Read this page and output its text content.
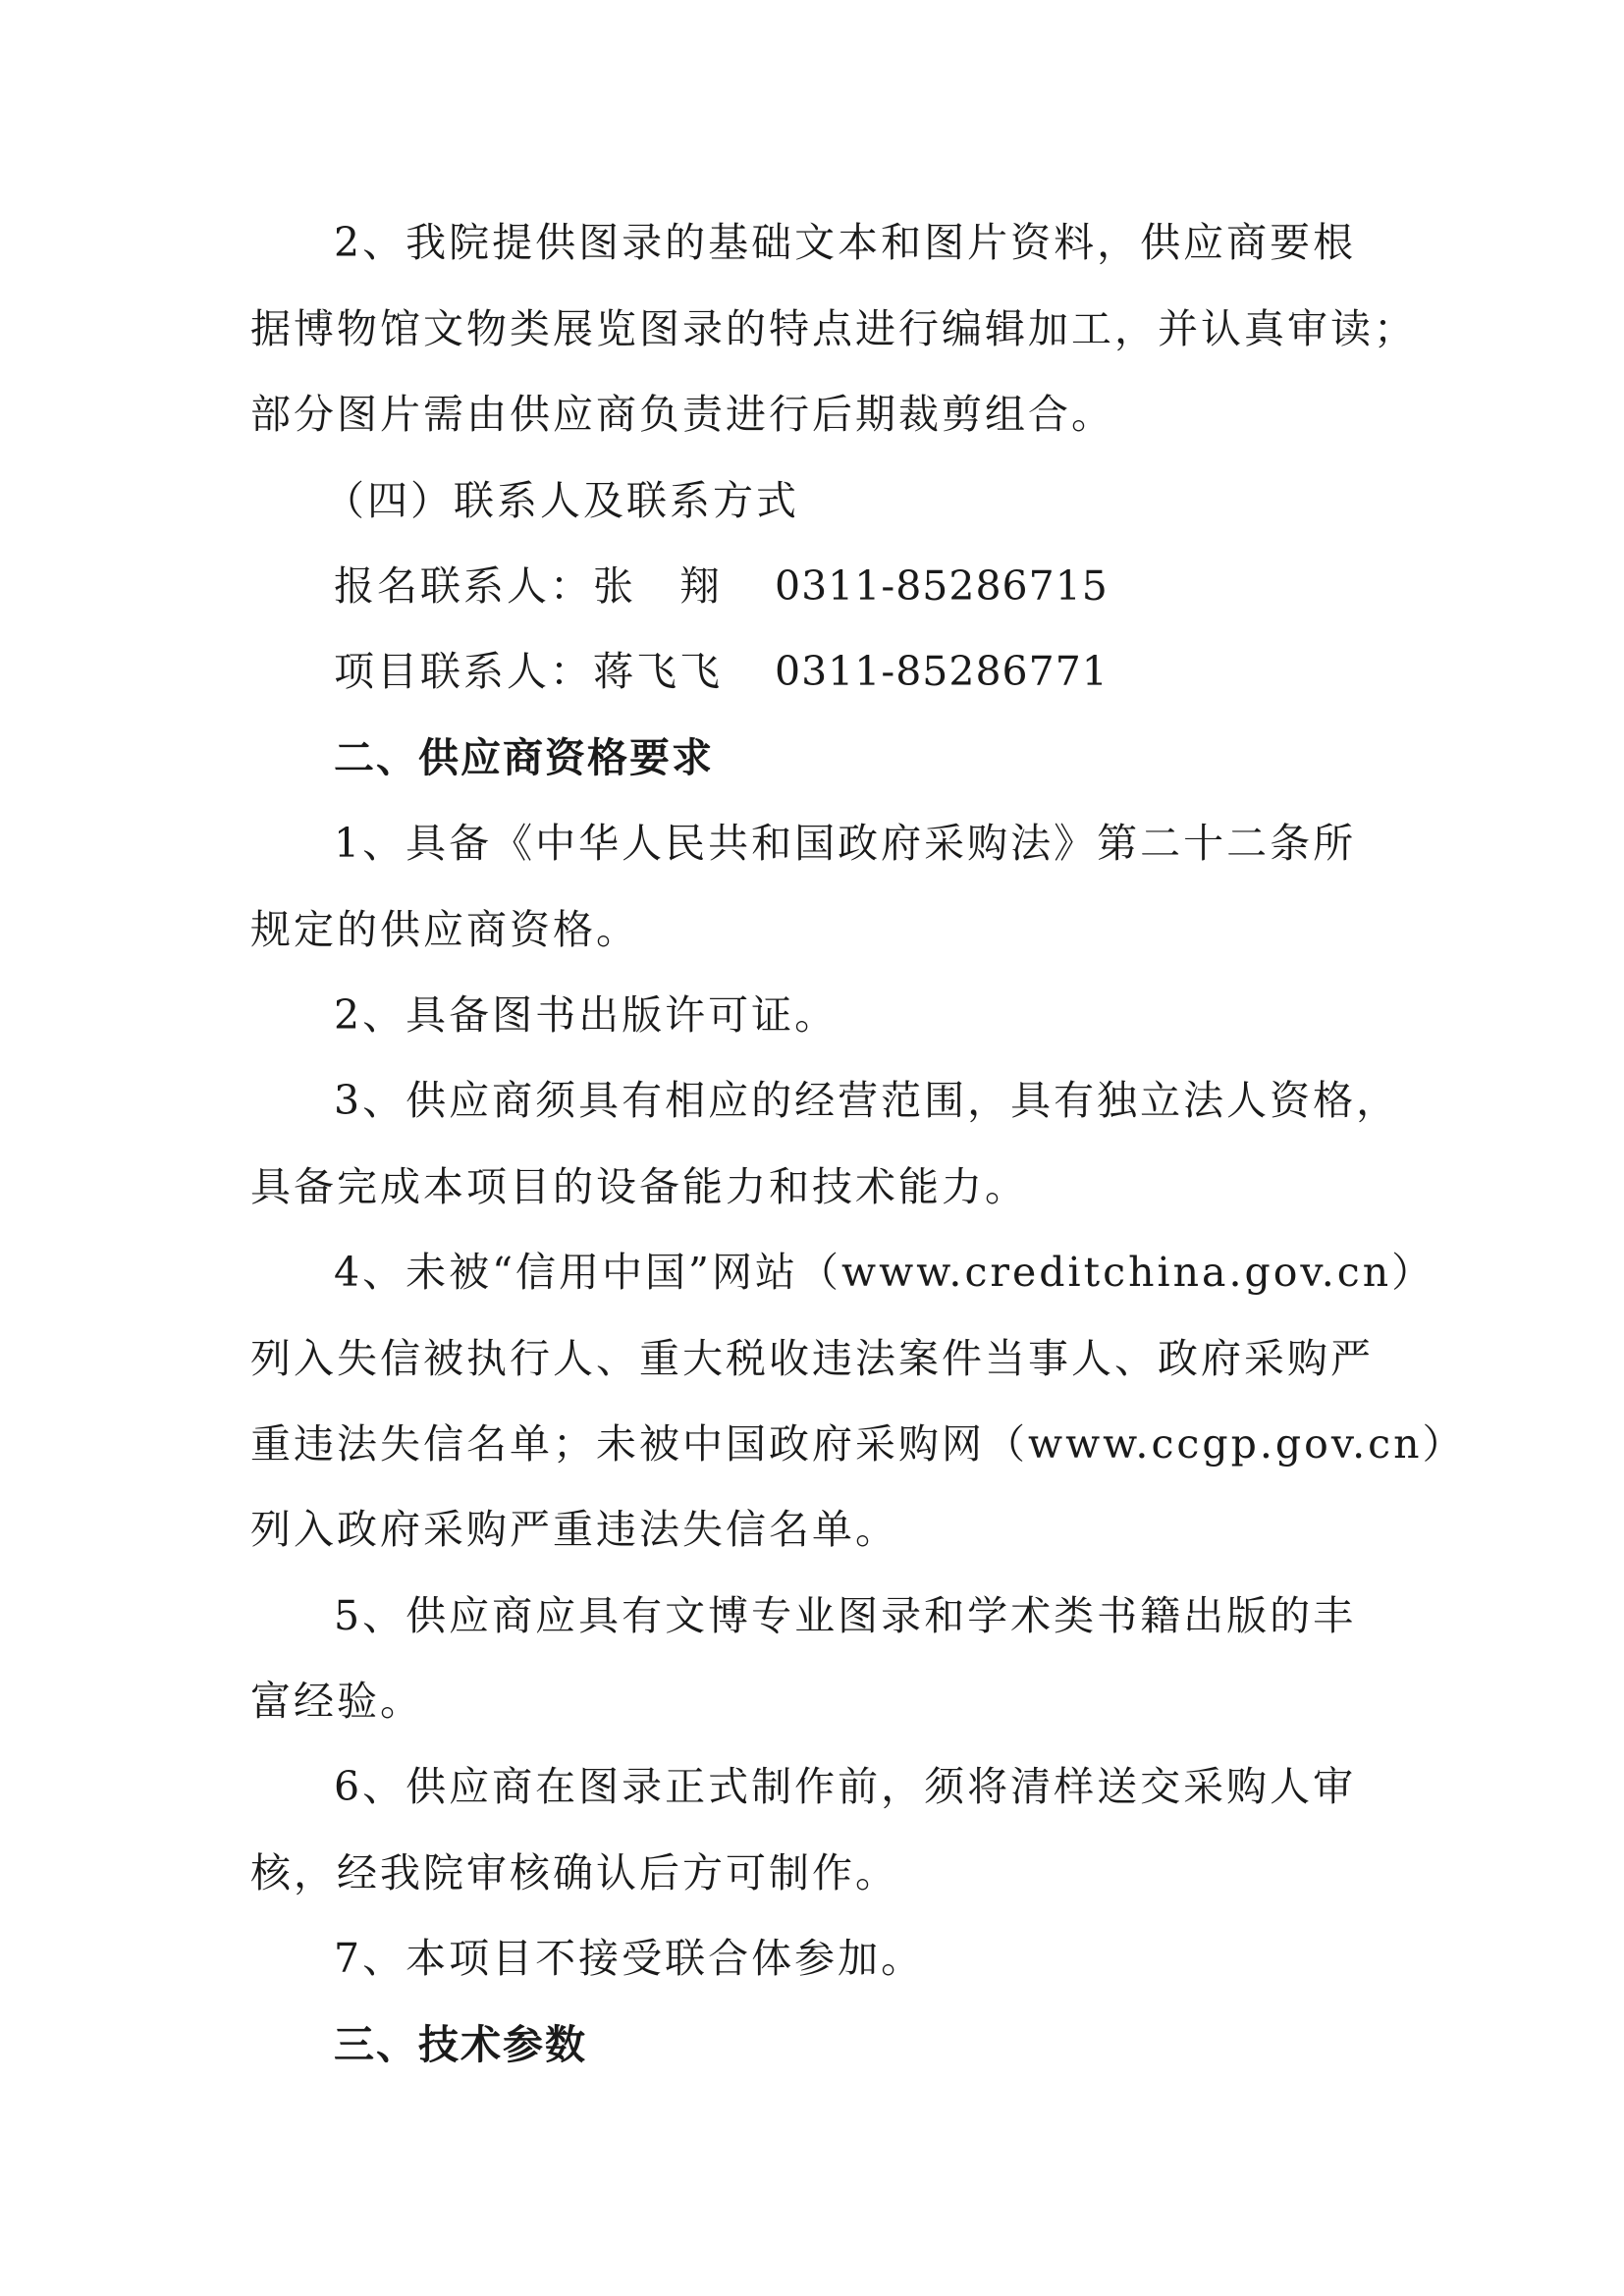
2、我院提供图录的基础文本和图片资料，供应商要根
据博物馆文物类展览图录的特点进行编辑加工，并认真审读；
部分图片需由供应商负责进行后期裁剪组合。
（四）联系人及联系方式
报名联系人：张　翔 0311-85286715
项目联系人：蒋飞飞 0311-85286771
二、供应商资格要求
1、具备《中华人民共和国政府采购法》第二十二条所
规定的供应商资格。
2、具备图书出版许可证。
3、供应商须具有相应的经营范围，具有独立法人资格，
具备完成本项目的设备能力和技术能力。
4、未被“信用中国”网站（www.creditchina.gov.cn）
列入失信被执行人、重大税收违法案件当事人、政府采购严
重违法失信名单；未被中国政府采购网（www.ccgp.gov.cn）
列入政府采购严重违法失信名单。
5、供应商应具有文博专业图录和学术类书籍出版的丰
富经验。
6、供应商在图录正式制作前，须将清样送交采购人审
核，经我院审核确认后方可制作。
7、本项目不接受联合体参加。
三、技术参数
